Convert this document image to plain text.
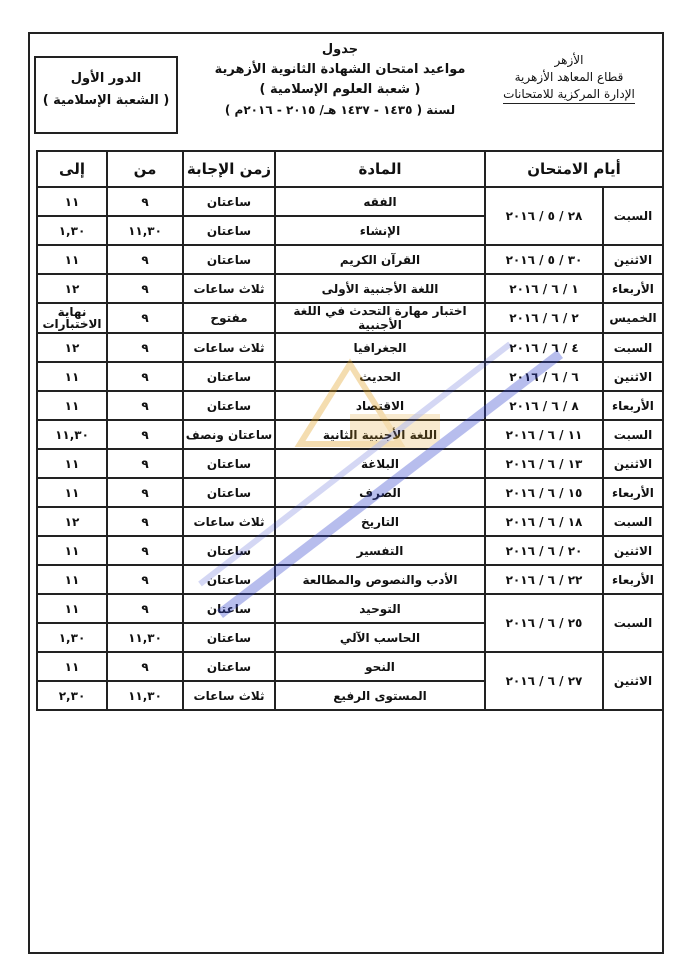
الأزهر
قطاع المعاهد الأزهرية
الإدارة المركزية للامتحانات
جدول
مواعيد امتحان الشهادة الثانوية الأزهرية
( شعبة العلوم الإسلامية )
لسنة ( ١٤٣٥ - ١٤٣٧ هـ/ ٢٠١٥ - ٢٠١٦م )
الدور الأول
( الشعبة الإسلامية )
أيام الامتحان		المادة	زمن الإجابة	من	إلى
السبت	٢٨ / ٥ / ٢٠١٦	الفقه	ساعتان	٩	١١
		الإنشاء	ساعتان	١١,٣٠	١,٣٠
الاثنين	٣٠ / ٥ / ٢٠١٦	القرآن الكريم	ساعتان	٩	١١
الأربعاء	١ / ٦ / ٢٠١٦	اللغة الأجنبية الأولى	ثلاث ساعات	٩	١٢
الخميس	٢ / ٦ / ٢٠١٦	اختبار مهارة التحدث في اللغة الأجنبية	مفتوح	٩	نهاية الاختبارات
السبت	٤ / ٦ / ٢٠١٦	الجغرافيا	ثلاث ساعات	٩	١٢
الاثنين	٦ / ٦ / ٢٠١٦	الحديث	ساعتان	٩	١١
الأربعاء	٨ / ٦ / ٢٠١٦	الاقتصاد	ساعتان	٩	١١
السبت	١١ / ٦ / ٢٠١٦	اللغة الأجنبية الثانية	ساعتان ونصف	٩	١١,٣٠
الاثنين	١٣ / ٦ / ٢٠١٦	البلاغة	ساعتان	٩	١١
الأربعاء	١٥ / ٦ / ٢٠١٦	الصرف	ساعتان	٩	١١
السبت	١٨ / ٦ / ٢٠١٦	التاريخ	ثلاث ساعات	٩	١٢
الاثنين	٢٠ / ٦ / ٢٠١٦	التفسير	ساعتان	٩	١١
الأربعاء	٢٢ / ٦ / ٢٠١٦	الأدب والنصوص والمطالعة	ساعتان	٩	١١
السبت	٢٥ / ٦ / ٢٠١٦	التوحيد	ساعتان	٩	١١
		الحاسب الآلي	ساعتان	١١,٣٠	١,٣٠
الاثنين	٢٧ / ٦ / ٢٠١٦	النحو	ساعتان	٩	١١
		المستوى الرفيع	ثلاث ساعات	١١,٣٠	٢,٣٠
